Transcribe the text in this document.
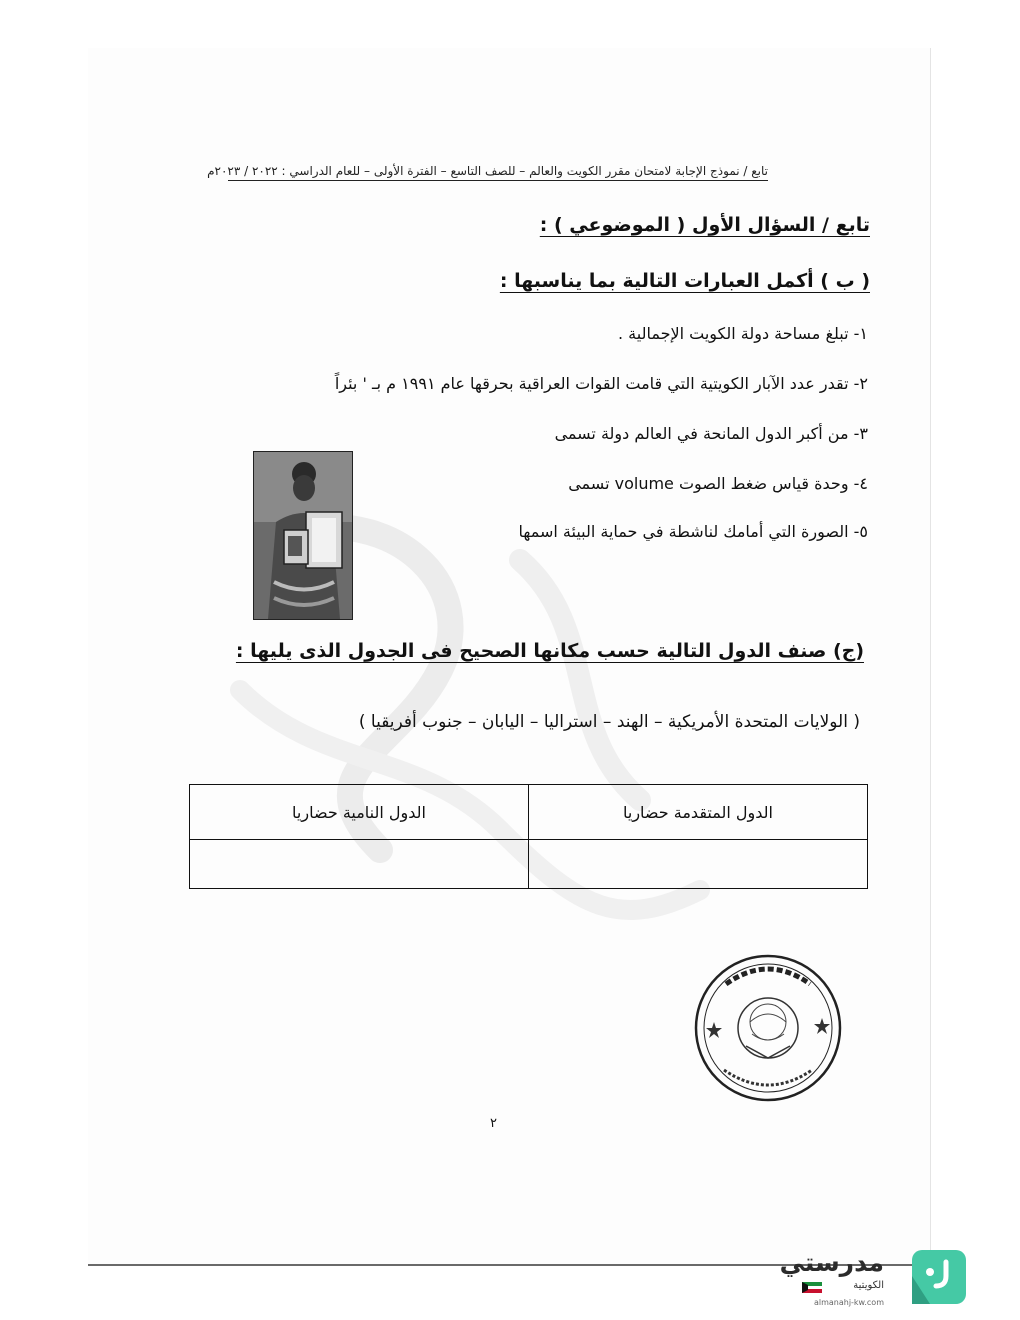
تابع / نموذج الإجابة لامتحان مقرر الكويت والعالم – للصف التاسع – الفترة الأولى – للعام الدراسي : ٢٠٢٢ / ٢٠٢٣م
تابع / السؤال الأول ( الموضوعي ) :
( ب ) أكمل العبارات التالية بما يناسبها :
١- تبلغ مساحة دولة الكويت الإجمالية .
٢- تقدر عدد الآبار الكويتية التي قامت القوات العراقية بحرقها عام ١٩٩١ م بـ ' بئراً
٣- من أكبر الدول المانحة في العالم دولة تسمى
٤- وحدة قياس ضغط الصوت volume تسمى
٥- الصورة التي أمامك لناشطة في حماية البيئة اسمها
(ج) صنف الدول التالية حسب مكانها الصحيح فى الجدول الذى يليها :
( الولايات المتحدة الأمريكية – الهند – استراليا – اليابان – جنوب أفريقيا )
الدول المتقدمة حضاريا	الدول النامية حضاريا

٢
مدرستي
الكويتية
almanahj-kw.com
